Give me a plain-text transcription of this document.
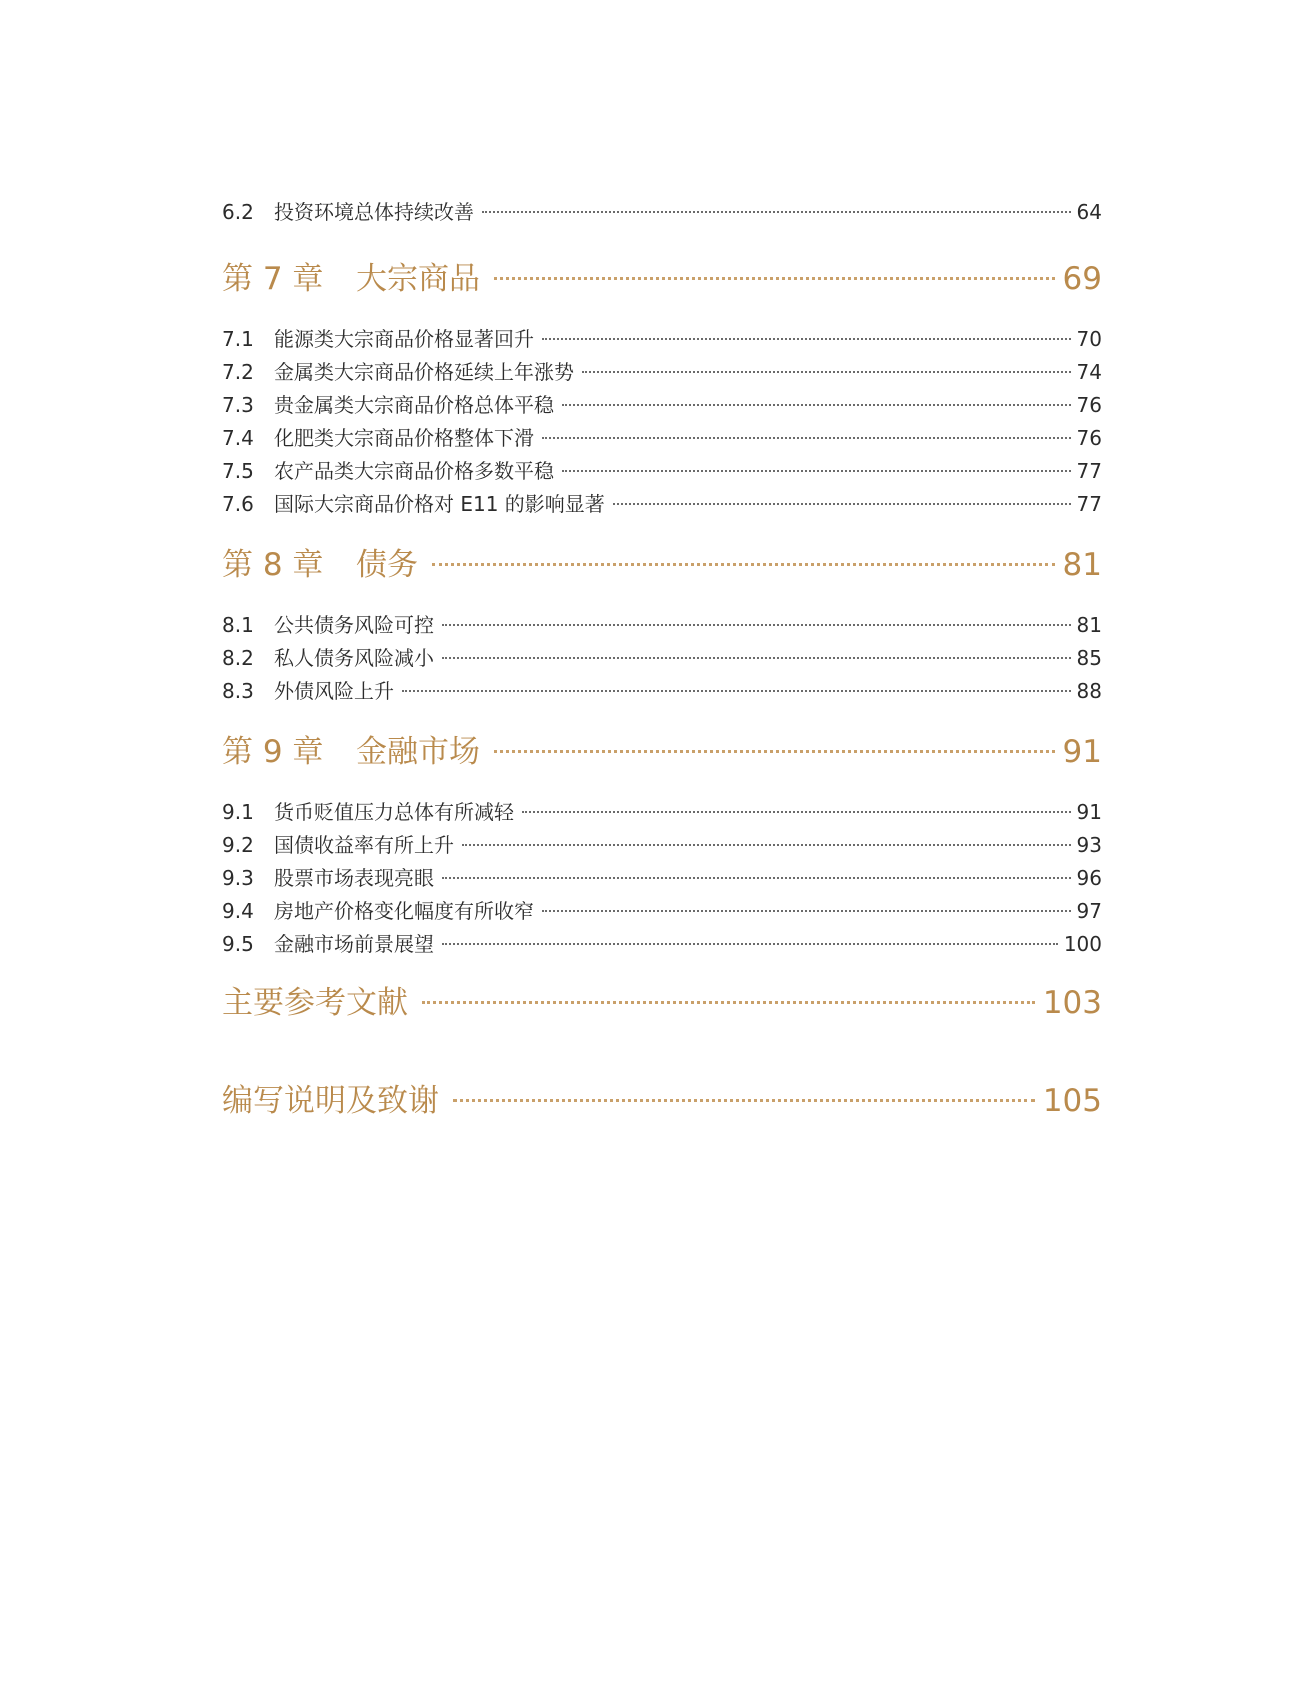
6.2	投资环境总体持续改善	64
第 7 章	大宗商品	69
7.1	能源类大宗商品价格显著回升	70
7.2	金属类大宗商品价格延续上年涨势	74
7.3	贵金属类大宗商品价格总体平稳	76
7.4	化肥类大宗商品价格整体下滑	76
7.5	农产品类大宗商品价格多数平稳	77
7.6	国际大宗商品价格对 E11 的影响显著	77
第 8 章	债务	81
8.1	公共债务风险可控	81
8.2	私人债务风险减小	85
8.3	外债风险上升	88
第 9 章	金融市场	91
9.1	货币贬值压力总体有所减轻	91
9.2	国债收益率有所上升	93
9.3	股票市场表现亮眼	96
9.4	房地产价格变化幅度有所收窄	97
9.5	金融市场前景展望	100
主要参考文献	103
编写说明及致谢	105
